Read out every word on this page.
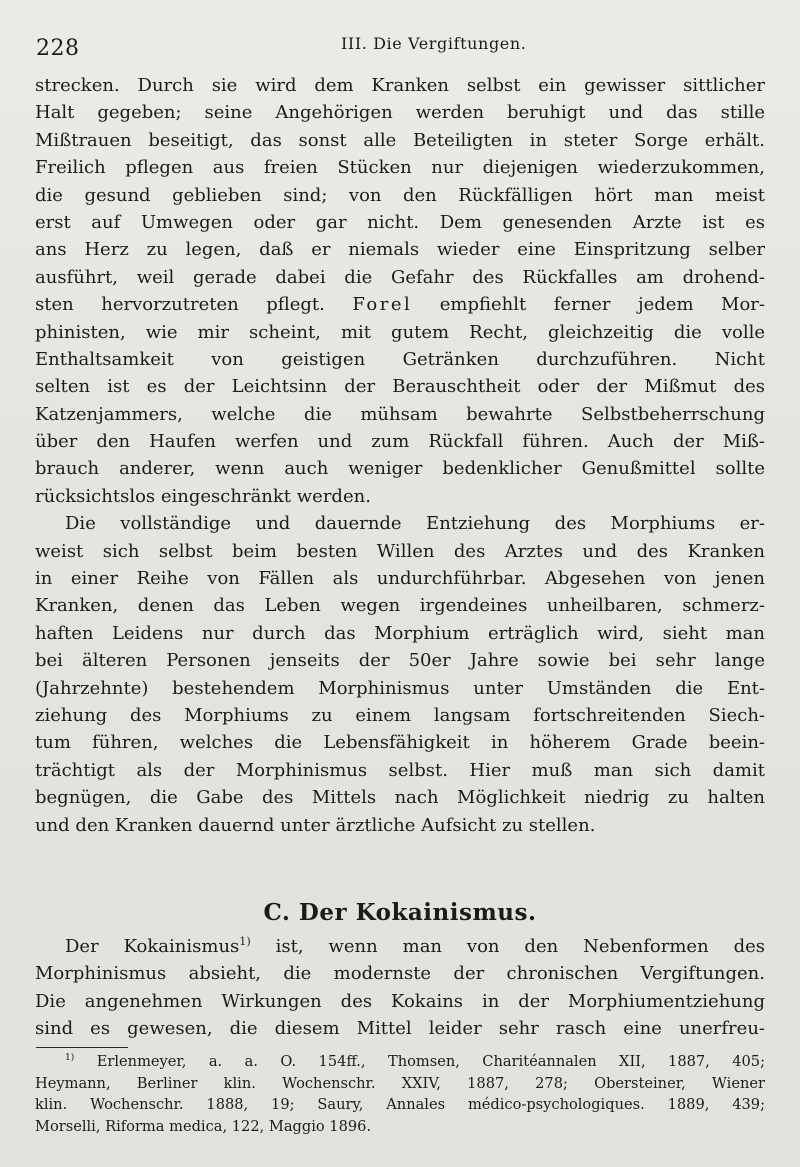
228	III. Die Vergiftungen.
strecken. Durch sie wird dem Kranken selbst ein gewisser sittlicher
Halt gegeben; seine Angehörigen werden beruhigt und das stille
Mißtrauen beseitigt, das sonst alle Beteiligten in steter Sorge erhält.
Freilich pflegen aus freien Stücken nur diejenigen wiederzukommen,
die gesund geblieben sind; von den Rückfälligen hört man meist
erst auf Umwegen oder gar nicht. Dem genesenden Arzte ist es
ans Herz zu legen, daß er niemals wieder eine Einspritzung selber
ausführt, weil gerade dabei die Gefahr des Rückfalles am drohend-
sten hervorzutreten pflegt. Forel empfiehlt ferner jedem Mor-
phinisten, wie mir scheint, mit gutem Recht, gleichzeitig die volle
Enthaltsamkeit von geistigen Getränken durchzuführen. Nicht
selten ist es der Leichtsinn der Berauschtheit oder der Mißmut des
Katzenjammers, welche die mühsam bewahrte Selbstbeherrschung
über den Haufen werfen und zum Rückfall führen. Auch der Miß-
brauch anderer, wenn auch weniger bedenklicher Genußmittel sollte
rücksichtslos eingeschränkt werden.
Die vollständige und dauernde Entziehung des Morphiums er-
weist sich selbst beim besten Willen des Arztes und des Kranken
in einer Reihe von Fällen als undurchführbar. Abgesehen von jenen
Kranken, denen das Leben wegen irgendeines unheilbaren, schmerz-
haften Leidens nur durch das Morphium erträglich wird, sieht man
bei älteren Personen jenseits der 50er Jahre sowie bei sehr lange
(Jahrzehnte) bestehendem Morphinismus unter Umständen die Ent-
ziehung des Morphiums zu einem langsam fortschreitenden Siech-
tum führen, welches die Lebensfähigkeit in höherem Grade beein-
trächtigt als der Morphinismus selbst. Hier muß man sich damit
begnügen, die Gabe des Mittels nach Möglichkeit niedrig zu halten
und den Kranken dauernd unter ärztliche Aufsicht zu stellen.
C. Der Kokainismus.
Der Kokainismus$^{1)}$ ist, wenn man von den Nebenformen des
Morphinismus absieht, die modernste der chronischen Vergiftungen.
Die angenehmen Wirkungen des Kokains in der Morphiumentziehung
sind es gewesen, die diesem Mittel leider sehr rasch eine unerfreu-
$^{1)}$ Erlenmeyer, a. a. O. 154ff., Thomsen, Charitéannalen XII, 1887, 405;
Heymann, Berliner klin. Wochenschr. XXIV, 1887, 278; Obersteiner, Wiener
klin. Wochenschr. 1888, 19; Saury, Annales médico-psychologiques. 1889, 439;
Morselli, Riforma medica, 122, Maggio 1896.
